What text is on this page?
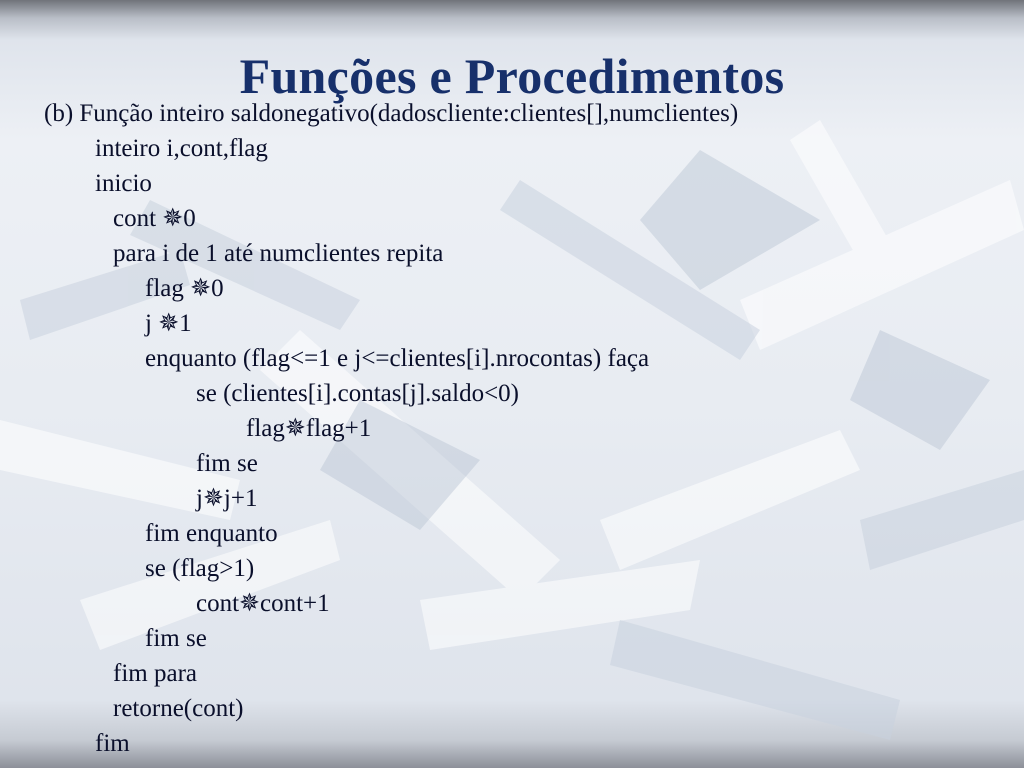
Funções e Procedimentos
(b) Função inteiro saldonegativo(dadoscliente:clientes[],numclientes)
inteiro i,cont,flag
inicio
cont ✵0
para i de 1 até numclientes repita
flag ✵0
j ✵1
enquanto (flag<=1 e j<=clientes[i].nrocontas) faça
se (clientes[i].contas[j].saldo<0)
flag✵flag+1
fim se
j✵j+1
fim enquanto
se (flag>1)
cont✵cont+1
fim se
fim para
retorne(cont)
fim
